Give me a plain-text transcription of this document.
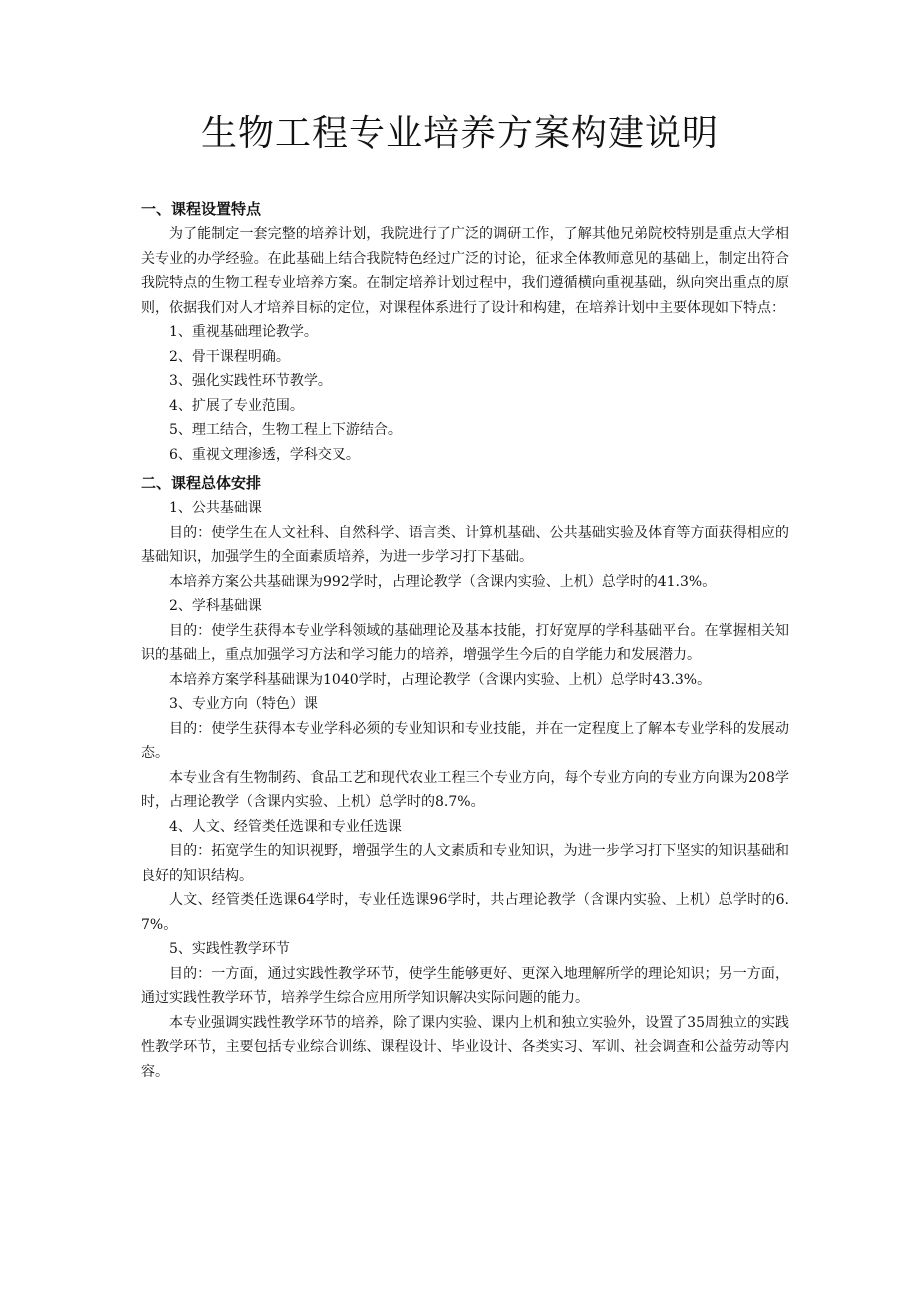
生物工程专业培养方案构建说明

一、课程设置特点

为了能制定一套完整的培养计划，我院进行了广泛的调研工作，了解其他兄弟院校特别是重点大学相关专业的办学经验。在此基础上结合我院特色经过广泛的讨论，征求全体教师意见的基础上，制定出符合我院特点的生物工程专业培养方案。在制定培养计划过程中，我们遵循横向重视基础，纵向突出重点的原则，依据我们对人才培养目标的定位，对课程体系进行了设计和构建，在培养计划中主要体现如下特点：

1、重视基础理论教学。

2、骨干课程明确。

3、强化实践性环节教学。

4、扩展了专业范围。

5、理工结合，生物工程上下游结合。

6、重视文理渗透，学科交叉。

二、课程总体安排

1、公共基础课

目的：使学生在人文社科、自然科学、语言类、计算机基础、公共基础实验及体育等方面获得相应的基础知识，加强学生的全面素质培养，为进一步学习打下基础。

本培养方案公共基础课为992学时，占理论教学（含课内实验、上机）总学时的41.3%。

2、学科基础课

目的：使学生获得本专业学科领域的基础理论及基本技能，打好宽厚的学科基础平台。在掌握相关知识的基础上，重点加强学习方法和学习能力的培养，增强学生今后的自学能力和发展潜力。

本培养方案学科基础课为1040学时，占理论教学（含课内实验、上机）总学时43.3%。

3、专业方向（特色）课

目的：使学生获得本专业学科必须的专业知识和专业技能，并在一定程度上了解本专业学科的发展动态。

本专业含有生物制药、食品工艺和现代农业工程三个专业方向，每个专业方向的专业方向课为208学时，占理论教学（含课内实验、上机）总学时的8.7%。

4、人文、经管类任选课和专业任选课

目的：拓宽学生的知识视野，增强学生的人文素质和专业知识，为进一步学习打下坚实的知识基础和良好的知识结构。

人文、经管类任选课64学时，专业任选课96学时，共占理论教学（含课内实验、上机）总学时的6.7%。

5、实践性教学环节

目的：一方面，通过实践性教学环节，使学生能够更好、更深入地理解所学的理论知识；另一方面，通过实践性教学环节，培养学生综合应用所学知识解决实际问题的能力。

本专业强调实践性教学环节的培养，除了课内实验、课内上机和独立实验外，设置了35周独立的实践性教学环节，主要包括专业综合训练、课程设计、毕业设计、各类实习、军训、社会调查和公益劳动等内容。
